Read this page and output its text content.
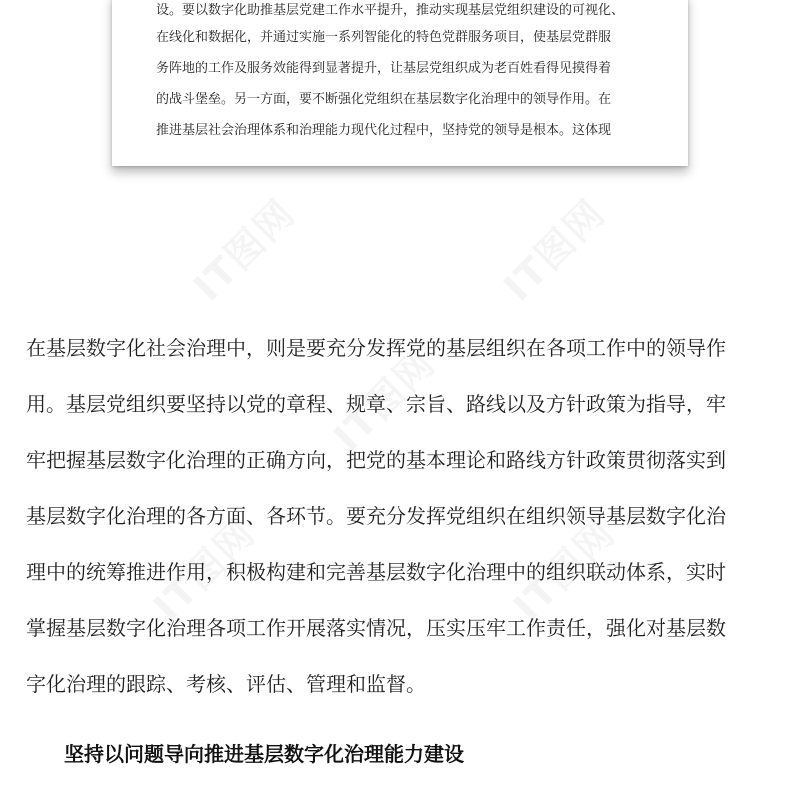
设。要以数字化助推基层党建工作水平提升，推动实现基层党组织建设的可视化、
在线化和数据化，并通过实施一系列智能化的特色党群服务项目，使基层党群服
务阵地的工作及服务效能得到显著提升，让基层党组织成为老百姓看得见摸得着
的战斗堡垒。另一方面，要不断强化党组织在基层数字化治理中的领导作用。在
推进基层社会治理体系和治理能力现代化过程中，坚持党的领导是根本。这体现
在基层数字化社会治理中，则是要充分发挥党的基层组织在各项工作中的领导作
用。基层党组织要坚持以党的章程、规章、宗旨、路线以及方针政策为指导，牢
牢把握基层数字化治理的正确方向，把党的基本理论和路线方针政策贯彻落实到
基层数字化治理的各方面、各环节。要充分发挥党组织在组织领导基层数字化治
理中的统筹推进作用，积极构建和完善基层数字化治理中的组织联动体系，实时
掌握基层数字化治理各项工作开展落实情况，压实压牢工作责任，强化对基层数
字化治理的跟踪、考核、评估、管理和监督。
坚持以问题导向推进基层数字化治理能力建设
